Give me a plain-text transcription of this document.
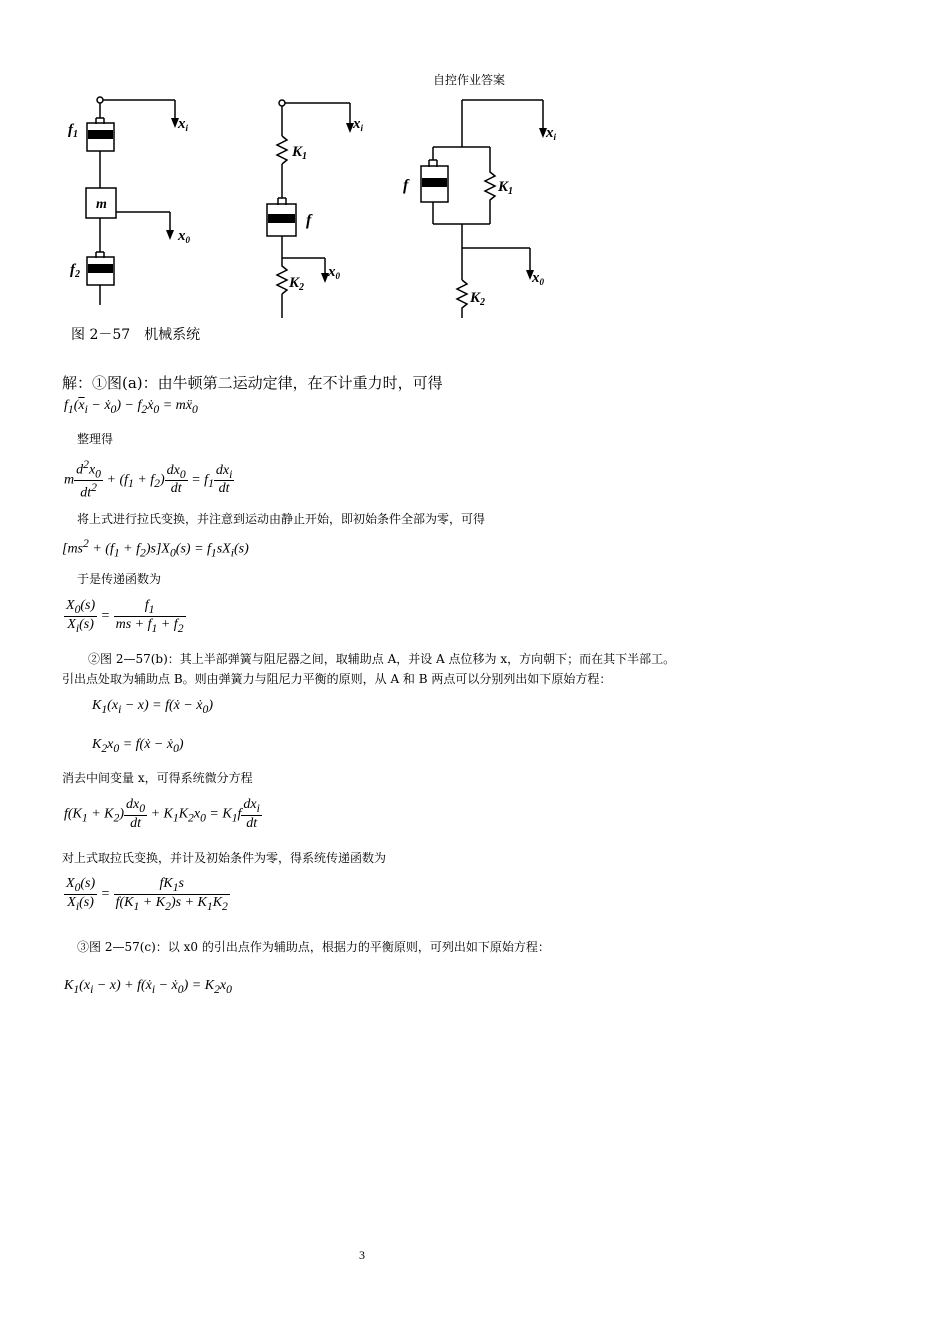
自控作业答案
$f_1$
m
$f_2$
$x_i$
$x_0$
$K_1$
f
$K_2$
$x_i$
$x_0$
f	$K_1$
$K_2$
$x_i$
$x_0$
图 2－57　机械系统
解：①图(a)：由牛顿第二运动定律，在不计重力时，可得
$f_1(\overline{x}_i$ − ẋ$_0$) − $f_2ẋ_0$ = mẍ$_0$
整理得
m $\frac{d^2x_0}{dt^2} + (f_1 + f_2) \frac{dx_0}{dt} = f_1 \frac{dx_i}{dt}$
将上式进行拉氏变换，并注意到运动由静止开始，即初始条件全部为零，可得
$[ms^2 + (f_1 + f_2)s]X_0(s) = f_1sX_i(s)$
于是传递函数为
$\frac{X_0(s)}{X_i(s)} = \frac{f_1}{ms + f_1 + f_2}$
②图 2—57(b)：其上半部弹簧与阻尼器之间，取辅助点 A，并设 A 点位移为 x，方向朝下；而在其下半部工。
引出点处取为辅助点 B。则由弹簧力与阻尼力平衡的原则，从 A 和 B 两点可以分别列出如下原始方程：
$K_1(x_i - x)$ = f(ẋ − ẋ$_0$)
$K_2x_0$ = f(ẋ − ẋ$_0$)
消去中间变量 x，可得系统微分方程
$f(K_1 + K_2) \frac{dx_0}{dt} + K_1K_2x_0 = K_1f \frac{dx_i}{dt}$
对上式取拉氏变换，并计及初始条件为零，得系统传递函数为
$\frac{X_0(s)}{X_i(s)} = \frac{fK_1s}{f(K_1 + K_2)s + K_1K_2}$
③图 2—57(c)：以 x0 的引出点作为辅助点，根据力的平衡原则，可列出如下原始方程：
$K_1(x_i - x)$ + f(ẋ$_i$ − ẋ$_0$) = $K_2x_0$
3
